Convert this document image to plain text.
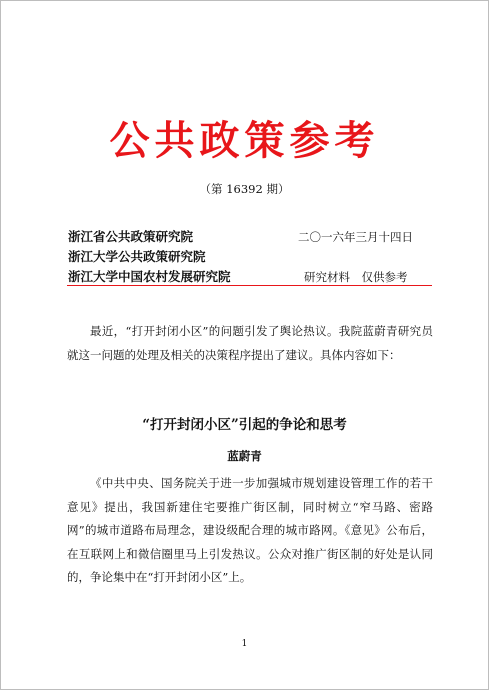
公共政策参考
（第 16392 期）
浙江省公共政策研究院
浙江大学公共政策研究院
浙江大学中国农村发展研究院
二〇一六年三月十四日
研究材料　仅供参考
最近，“打开封闭小区”的问题引发了舆论热议。我院蓝蔚青研究员就这一问题的处理及相关的决策程序提出了建议。具体内容如下：
“打开封闭小区”引起的争论和思考
蓝蔚青
《中共中央、国务院关于进一步加强城市规划建设管理工作的若干意见》提出，我国新建住宅要推广街区制，同时树立“窄马路、密路网”的城市道路布局理念，建设级配合理的城市路网。《意见》公布后，在互联网上和微信圈里马上引发热议。公众对推广街区制的好处是认同的，争论集中在“打开封闭小区”上。
1
